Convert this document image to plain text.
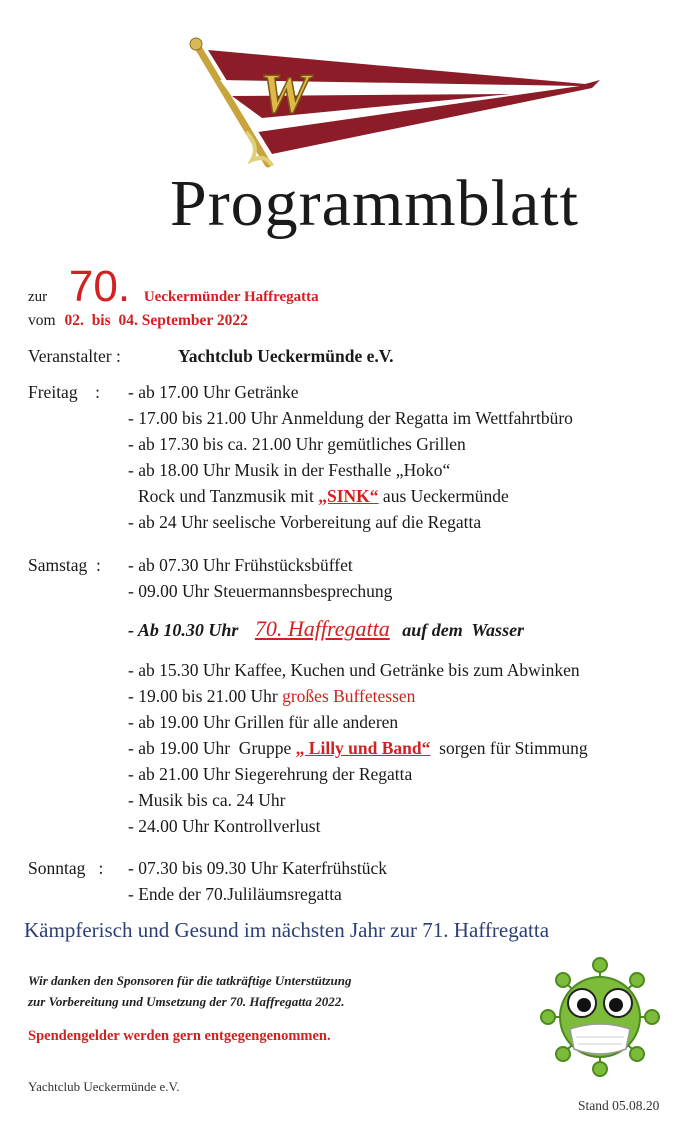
W
Programmblatt
zur 70. Ueckermünder Haffregatta
vom 02. bis 04. September 2022
Veranstalter :	Yachtclub Ueckermünde e.V.
Freitag    : - ab 17.00 Uhr Getränke
- 17.00 bis 21.00 Uhr Anmeldung der Regatta im Wettfahrtbüro
- ab 17.30 bis ca. 21.00 Uhr gemütliches Grillen
- ab 18.00 Uhr Musik in der Festhalle „Hoko“
Rock und Tanzmusik mit „SINK“ aus Ueckermünde
- ab 24 Uhr seelische Vorbereitung auf die Regatta
Samstag  : - ab 07.30 Uhr Frühstücksbüffet
- 09.00 Uhr Steuermannsbesprechung
- Ab 10.30 Uhr 70. Haffregatta auf dem  Wasser
- ab 15.30 Uhr Kaffee, Kuchen und Getränke bis zum Abwinken
- 19.00 bis 21.00 Uhr großes Buffetessen
- ab 19.00 Uhr Grillen für alle anderen
- ab 19.00 Uhr  Gruppe „ Lilly und Band“  sorgen für Stimmung
- ab 21.00 Uhr Siegerehrung der Regatta
- Musik bis ca. 24 Uhr
- 24.00 Uhr Kontrollverlust
Sonntag   : - 07.30 bis 09.30 Uhr Katerfrühstück
- Ende der 70.Juliläumsregatta
Kämpferisch und Gesund im nächsten Jahr zur 71. Haffregatta
Wir danken den Sponsoren für die tatkräftige Unterstützung
zur Vorbereitung und Umsetzung der 70. Haffregatta 2022.
Spendengelder werden gern entgegengenommen.
Yachtclub Ueckermünde e.V.
Stand 05.08.20
